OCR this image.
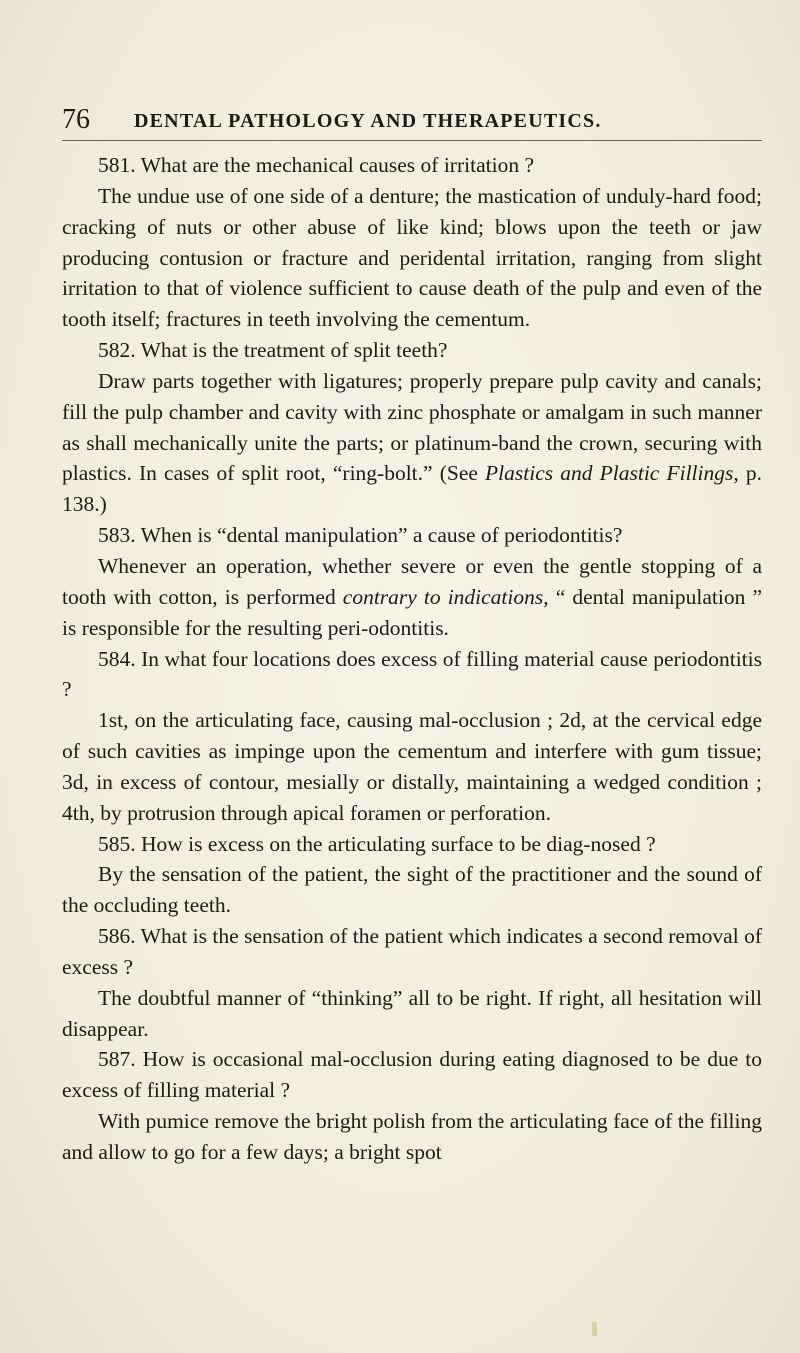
76 DENTAL PATHOLOGY AND THERAPEUTICS.

581. What are the mechanical causes of irritation ?

The undue use of one side of a denture; the mastication of unduly-hard food; cracking of nuts or other abuse of like kind; blows upon the teeth or jaw producing contusion or fracture and peridental irritation, ranging from slight irritation to that of violence sufficient to cause death of the pulp and even of the tooth itself; fractures in teeth involving the cementum.

582. What is the treatment of split teeth?

Draw parts together with ligatures; properly prepare pulp cavity and canals; fill the pulp chamber and cavity with zinc phosphate or amalgam in such manner as shall mechanically unite the parts; or platinum-band the crown, securing with plastics. In cases of split root, “ring-bolt.” (See Plastics and Plastic Fillings, p. 138.)

583. When is “dental manipulation” a cause of periodontitis?

Whenever an operation, whether severe or even the gentle stopping of a tooth with cotton, is performed contrary to indications, “ dental manipulation ” is responsible for the resulting peri-odontitis.

584. In what four locations does excess of filling material cause periodontitis ?

1st, on the articulating face, causing mal-occlusion ; 2d, at the cervical edge of such cavities as impinge upon the cementum and interfere with gum tissue; 3d, in excess of contour, mesially or distally, maintaining a wedged condition ; 4th, by protrusion through apical foramen or perforation.

585. How is excess on the articulating surface to be diag-nosed ?

By the sensation of the patient, the sight of the practitioner and the sound of the occluding teeth.

586. What is the sensation of the patient which indicates a second removal of excess ?

The doubtful manner of “thinking” all to be right. If right, all hesitation will disappear.

587. How is occasional mal-occlusion during eating diagnosed to be due to excess of filling material ?

With pumice remove the bright polish from the articulating face of the filling and allow to go for a few days; a bright spot
